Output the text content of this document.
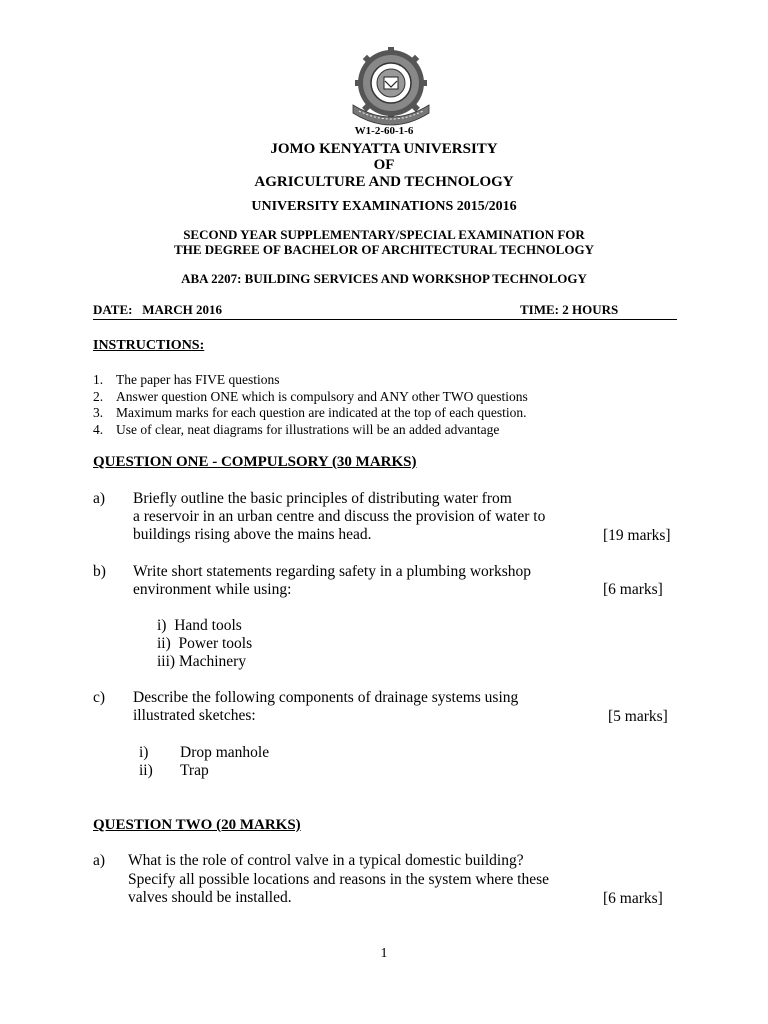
W1-2-60-1-6
JOMO KENYATTA UNIVERSITY
OF
AGRICULTURE AND TECHNOLOGY
UNIVERSITY EXAMINATIONS 2015/2016
SECOND YEAR SUPPLEMENTARY/SPECIAL EXAMINATION FOR
THE DEGREE OF BACHELOR OF ARCHITECTURAL TECHNOLOGY
ABA 2207: BUILDING SERVICES AND WORKSHOP TECHNOLOGY
DATE:   MARCH 2016	TIME: 2 HOURS
INSTRUCTIONS:
1. The paper has FIVE questions
2. Answer question ONE which is compulsory and ANY other TWO questions
3. Maximum marks for each question are indicated at the top of each question.
4. Use of clear, neat diagrams for illustrations will be an added advantage
QUESTION ONE - COMPULSORY (30 MARKS)
a) Briefly outline the basic principles of distributing water from
a reservoir in an urban centre and discuss the provision of water to
buildings rising above the mains head.	[19 marks]
b) Write short statements regarding safety in a plumbing workshop
environment while using:	[6 marks]
i)  Hand tools
ii)  Power tools
iii) Machinery
c) Describe the following components of drainage systems using
illustrated sketches:	[5 marks]
i) Drop manhole
ii) Trap
QUESTION TWO (20 MARKS)
a) What is the role of control valve in a typical domestic building?
Specify all possible locations and reasons in the system where these
valves should be installed.	[6 marks]
1
